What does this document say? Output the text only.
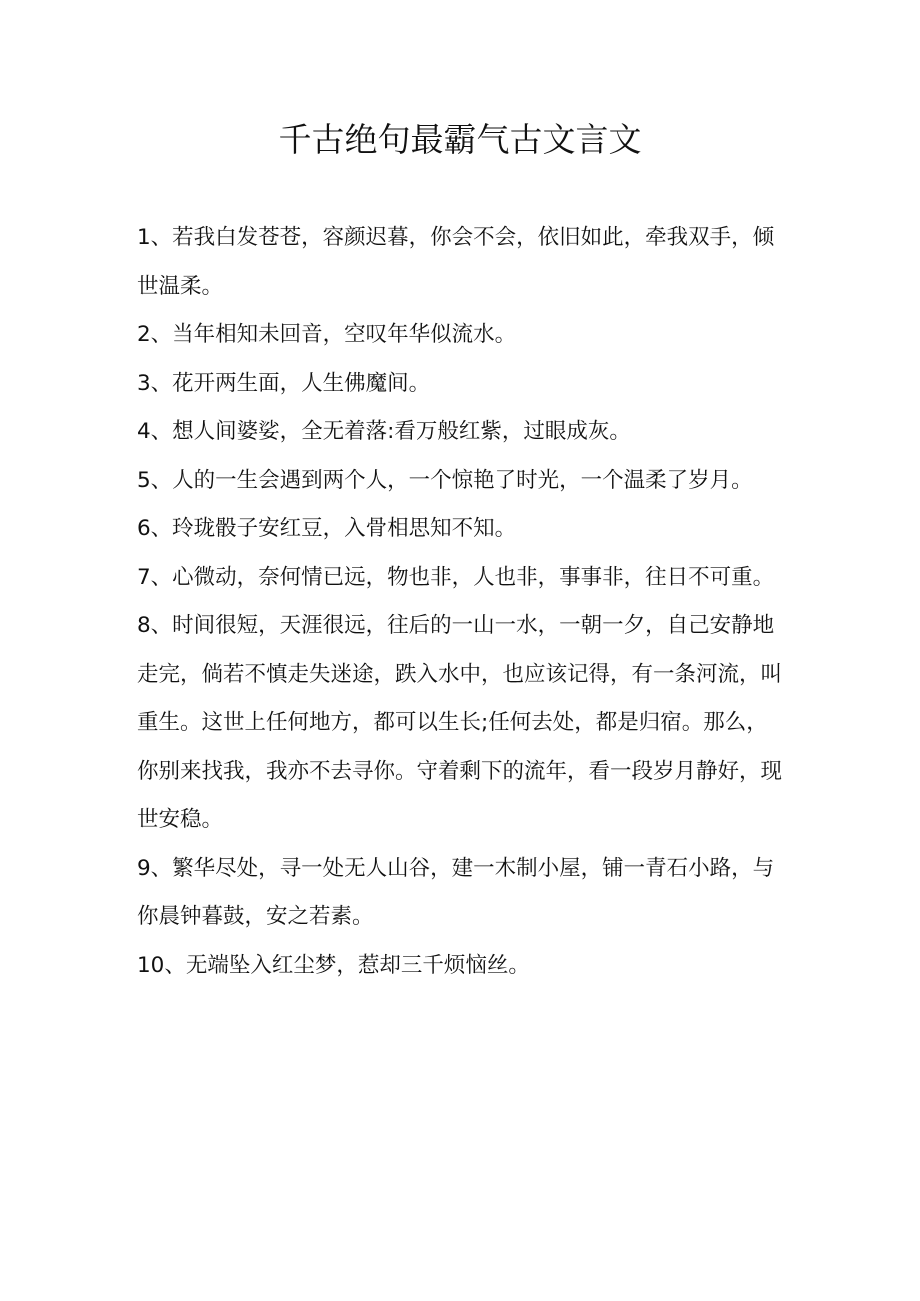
千古绝句最霸气古文言文

1、若我白发苍苍，容颜迟暮，你会不会，依旧如此，牵我双手，倾世温柔。

2、当年相知未回音，空叹年华似流水。

3、花开两生面，人生佛魔间。

4、想人间婆娑，全无着落:看万般红紫，过眼成灰。

5、人的一生会遇到两个人，一个惊艳了时光，一个温柔了岁月。

6、玲珑骰子安红豆，入骨相思知不知。

7、心微动，奈何情已远，物也非，人也非，事事非，往日不可重。

8、时间很短，天涯很远，往后的一山一水，一朝一夕，自己安静地走完，倘若不慎走失迷途，跌入水中，也应该记得，有一条河流，叫重生。这世上任何地方，都可以生长;任何去处，都是归宿。那么，你别来找我，我亦不去寻你。守着剩下的流年，看一段岁月静好，现世安稳。

9、繁华尽处，寻一处无人山谷，建一木制小屋，铺一青石小路，与你晨钟暮鼓，安之若素。

10、无端坠入红尘梦，惹却三千烦恼丝。
